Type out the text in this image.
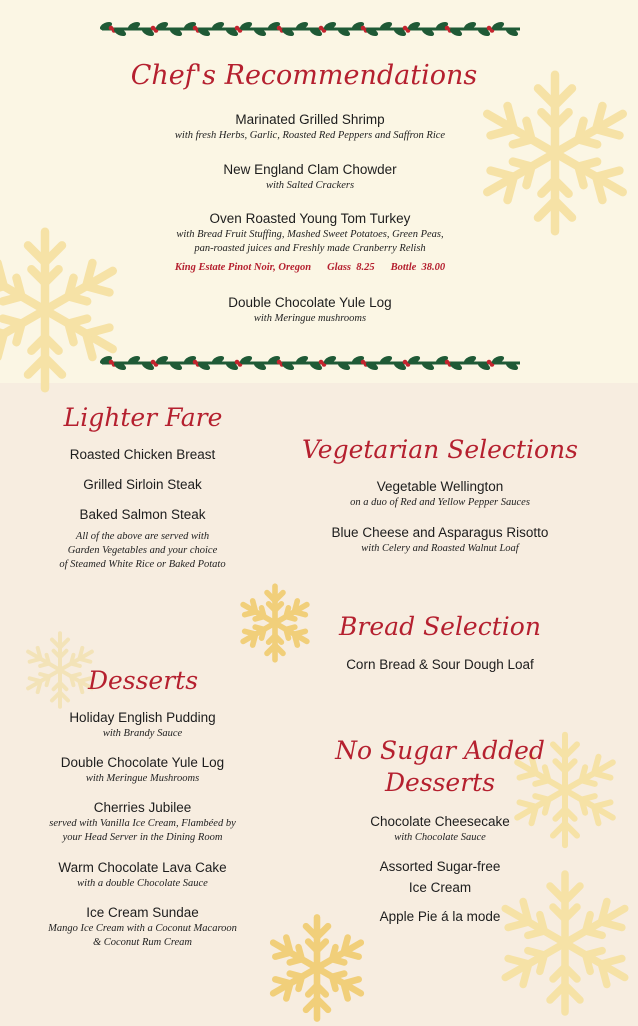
Chef's Recommendations
Marinated Grilled Shrimp
with fresh Herbs, Garlic, Roasted Red Peppers and Saffron Rice
New England Clam Chowder
with Salted Crackers
Oven Roasted Young Tom Turkey
with Bread Fruit Stuffing, Mashed Sweet Potatoes, Green Peas,
pan-roasted juices and Freshly made Cranberry Relish
King Estate Pinot Noir, Oregon Glass  8.25 Bottle  38.00
Double Chocolate Yule Log
with Meringue mushrooms
Lighter Fare
Roasted Chicken Breast
Grilled Sirloin Steak
Baked Salmon Steak
All of the above are served with
Garden Vegetables and your choice
of Steamed White Rice or Baked Potato
Vegetarian Selections
Vegetable Wellington
on a duo of Red and Yellow Pepper Sauces
Blue Cheese and Asparagus Risotto
with Celery and Roasted Walnut Loaf
Bread Selection
Corn Bread & Sour Dough Loaf
Desserts
Holiday English Pudding
with Brandy Sauce
Double Chocolate Yule Log
with Meringue Mushrooms
Cherries Jubilee
served with Vanilla Ice Cream, Flambéed by
your Head Server in the Dining Room
Warm Chocolate Lava Cake
with a double Chocolate Sauce
Ice Cream Sundae
Mango Ice Cream with a Coconut Macaroon
& Coconut Rum Cream
No Sugar Added
Desserts
Chocolate Cheesecake
with Chocolate Sauce
Assorted Sugar-free
Ice Cream
Apple Pie á la mode
